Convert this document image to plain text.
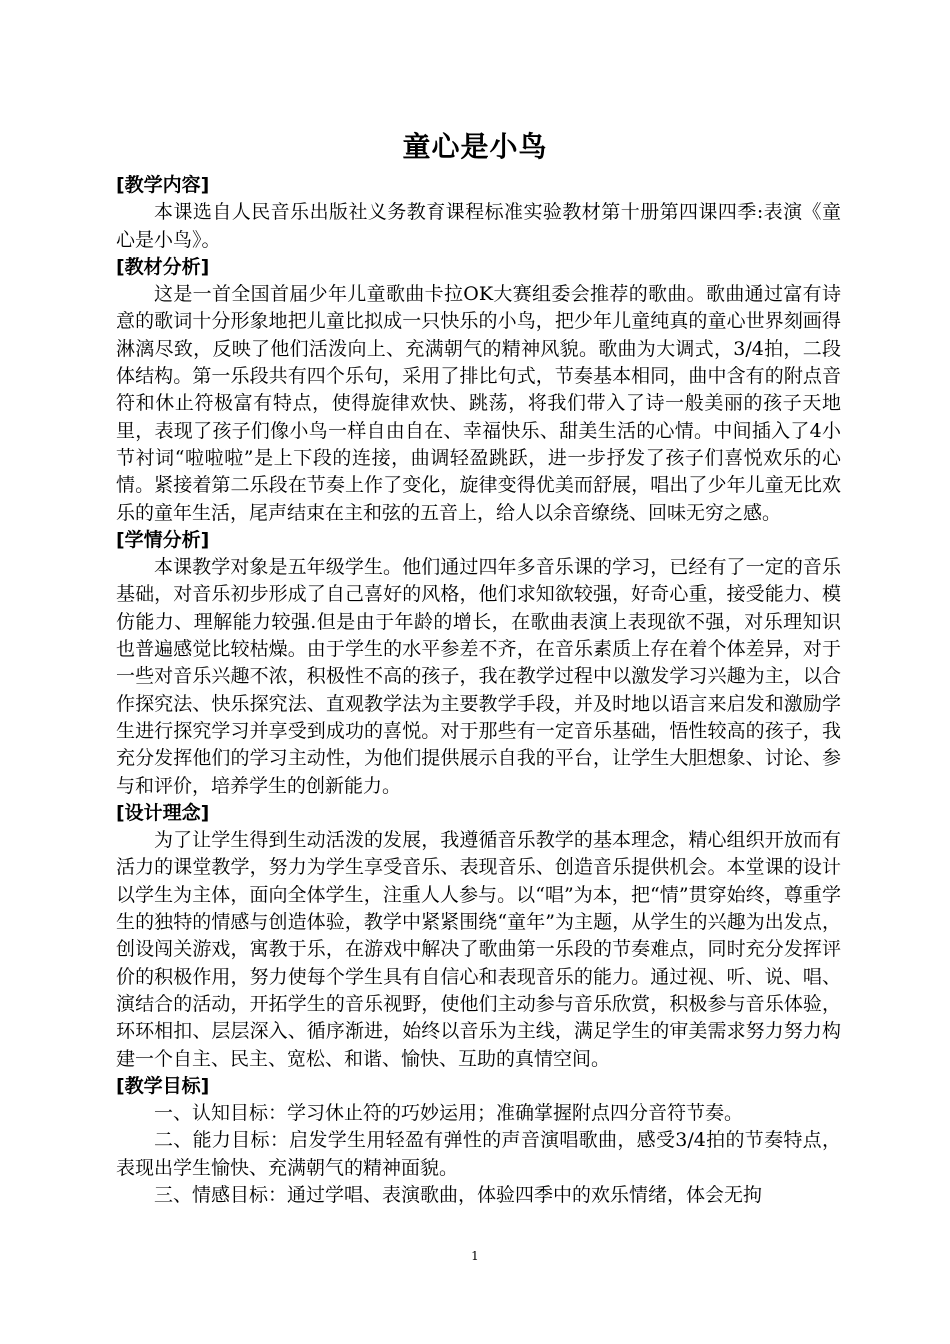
童心是小鸟

[教学内容]

本课选自人民音乐出版社义务教育课程标准实验教材第十册第四课四季:表演《童心是小鸟》。

[教材分析]

这是一首全国首届少年儿童歌曲卡拉OK大赛组委会推荐的歌曲。歌曲通过富有诗意的歌词十分形象地把儿童比拟成一只快乐的小鸟，把少年儿童纯真的童心世界刻画得淋漓尽致，反映了他们活泼向上、充满朝气的精神风貌。歌曲为大调式，3/4拍，二段体结构。第一乐段共有四个乐句，采用了排比句式，节奏基本相同，曲中含有的附点音符和休止符极富有特点，使得旋律欢快、跳荡，将我们带入了诗一般美丽的孩子天地里，表现了孩子们像小鸟一样自由自在、幸福快乐、甜美生活的心情。中间插入了4小节衬词“啦啦啦”是上下段的连接，曲调轻盈跳跃，进一步抒发了孩子们喜悦欢乐的心情。紧接着第二乐段在节奏上作了变化，旋律变得优美而舒展，唱出了少年儿童无比欢乐的童年生活，尾声结束在主和弦的五音上，给人以余音缭绕、回味无穷之感。

[学情分析]

本课教学对象是五年级学生。他们通过四年多音乐课的学习，已经有了一定的音乐基础，对音乐初步形成了自己喜好的风格，他们求知欲较强，好奇心重，接受能力、模仿能力、理解能力较强.但是由于年龄的增长，在歌曲表演上表现欲不强，对乐理知识也普遍感觉比较枯燥。由于学生的水平参差不齐，在音乐素质上存在着个体差异，对于一些对音乐兴趣不浓，积极性不高的孩子，我在教学过程中以激发学习兴趣为主，以合作探究法、快乐探究法、直观教学法为主要教学手段，并及时地以语言来启发和激励学生进行探究学习并享受到成功的喜悦。对于那些有一定音乐基础，悟性较高的孩子，我充分发挥他们的学习主动性，为他们提供展示自我的平台，让学生大胆想象、讨论、参与和评价，培养学生的创新能力。

[设计理念]

为了让学生得到生动活泼的发展，我遵循音乐教学的基本理念，精心组织开放而有活力的课堂教学，努力为学生享受音乐、表现音乐、创造音乐提供机会。本堂课的设计以学生为主体，面向全体学生，注重人人参与。以“唱”为本，把“情”贯穿始终，尊重学生的独特的情感与创造体验，教学中紧紧围绕“童年”为主题，从学生的兴趣为出发点，创设闯关游戏，寓教于乐，在游戏中解决了歌曲第一乐段的节奏难点，同时充分发挥评价的积极作用，努力使每个学生具有自信心和表现音乐的能力。通过视、听、说、唱、演结合的活动，开拓学生的音乐视野，使他们主动参与音乐欣赏，积极参与音乐体验，环环相扣、层层深入、循序渐进，始终以音乐为主线，满足学生的审美需求努力努力构建一个自主、民主、宽松、和谐、愉快、互助的真情空间。

[教学目标]

一、认知目标：学习休止符的巧妙运用；准确掌握附点四分音符节奏。

二、能力目标：启发学生用轻盈有弹性的声音演唱歌曲，感受3/4拍的节奏特点，表现出学生愉快、充满朝气的精神面貌。

三、情感目标：通过学唱、表演歌曲，体验四季中的欢乐情绪，体会无拘

1
